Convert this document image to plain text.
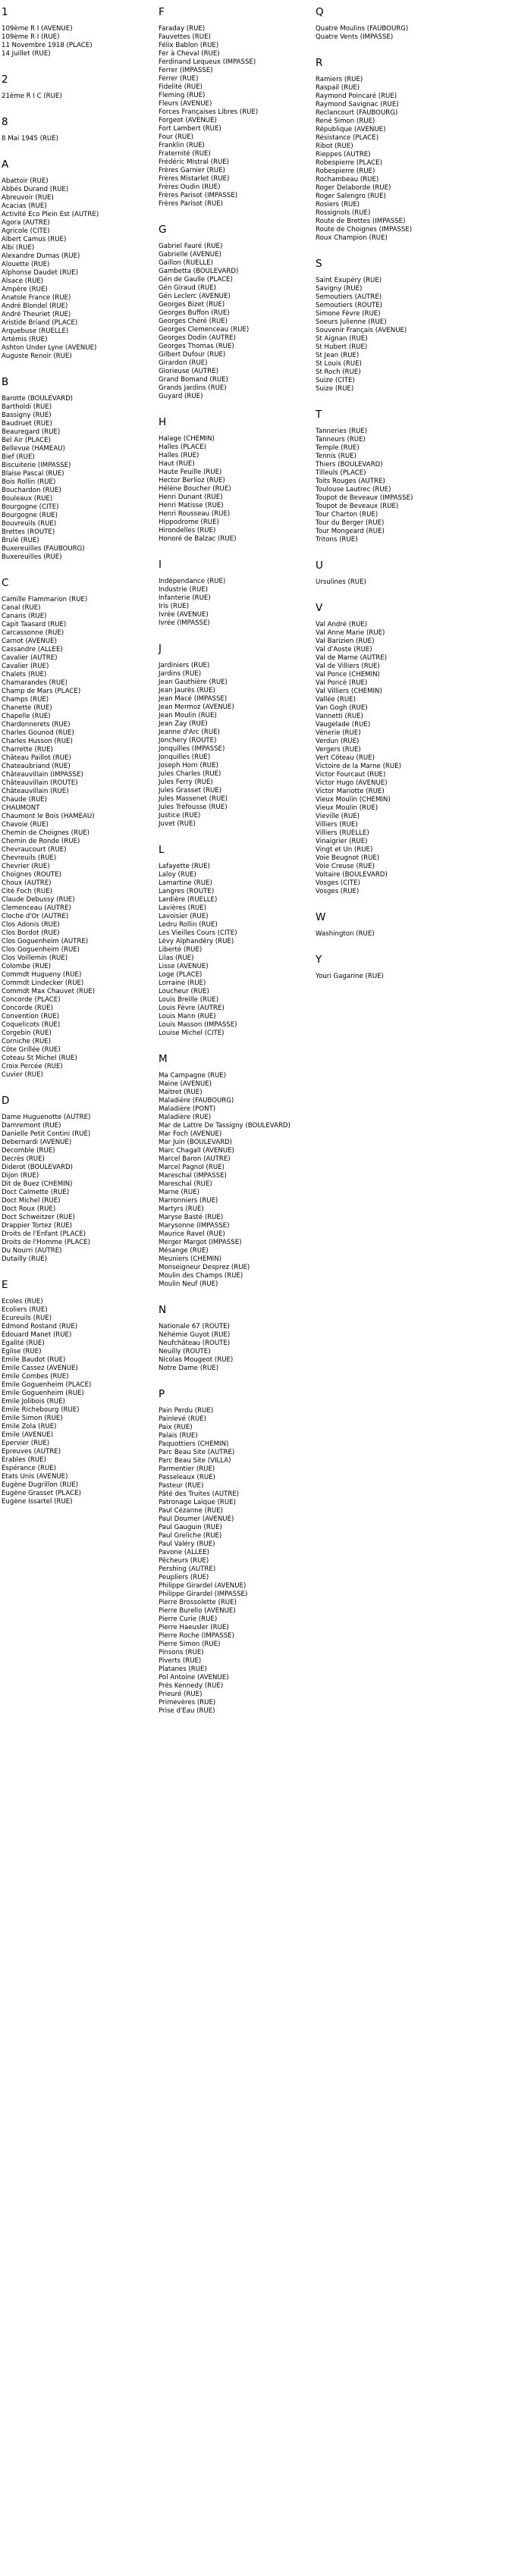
1
109ème R I (AVENUE)
109ème R I (RUE)
11 Novembre 1918 (PLACE)
14 Juillet (RUE)
2
21ème R I C (RUE)
8
8 Mai 1945 (RUE)
A
Abattoir (RUE)
Abbés Durand (RUE)
Abreuvoir (RUE)
Acacias (RUE)
Activité Eco Plein Est (AUTRE)
Agora (AUTRE)
Agricole (CITE)
Albert Camus (RUE)
Albi (RUE)
Alexandre Dumas (RUE)
Alouette (RUE)
Alphonse Daudet (RUE)
Alsace (RUE)
Ampère (RUE)
Anatole France (RUE)
André Blondel (RUE)
André Theuriet (RUE)
Aristide Briand (PLACE)
Arquebuse (RUELLE)
Artémis (RUE)
Ashton Under Lyne (AVENUE)
Auguste Renoir (RUE)
B
Barotte (BOULEVARD)
Bartholdi (RUE)
Bassigny (RUE)
Baudruet (RUE)
Beauregard (RUE)
Bel Air (PLACE)
Bellevue (HAMEAU)
Bief (RUE)
Biscuiterie (IMPASSE)
Blaise Pascal (RUE)
Bois Rollin (RUE)
Bouchardon (RUE)
Bouleaux (RUE)
Bourgogne (CITE)
Bourgogne (RUE)
Bouvreuils (RUE)
Brettes (ROUTE)
Brulé (RUE)
Buxereuilles (FAUBOURG)
Buxereuilles (RUE)
C
Camille Flammarion (RUE)
Canal (RUE)
Canaris (RUE)
Capit Taasard (RUE)
Carcassonne (RUE)
Carnot (AVENUE)
Cassandre (ALLEE)
Cavalier (AUTRE)
Cavalier (RUE)
Chalets (RUE)
Chamarandes (RUE)
Champ de Mars (PLACE)
Champs (RUE)
Chanette (RUE)
Chapelle (RUE)
Chardonnerets (RUE)
Charles Gounod (RUE)
Charles Husson (RUE)
Charrette (RUE)
Château Paillot (RUE)
Chateaubriand (RUE)
Châteauvillain (IMPASSE)
Châteauvillain (ROUTE)
Châteauvillain (RUE)
Chaude (RUE)
CHAUMONT
Chaumont le Bois (HAMEAU)
Chavoie (RUE)
Chemin de Choignes (RUE)
Chemin de Ronde (RUE)
Chevraucourt (RUE)
Chevreuils (RUE)
Chevrier (RUE)
Choignes (ROUTE)
Choux (AUTRE)
Cité Foch (RUE)
Claude Debussy (RUE)
Clemenceau (AUTRE)
Cloche d'Or (AUTRE)
Clos Adonis (RUE)
Clos Bordot (RUE)
Clos Goguenheim (AUTRE)
Clos Goguenheim (RUE)
Clos Voillemin (RUE)
Colombe (RUE)
Commdt Hugueny (RUE)
Commdt Lindecker (RUE)
Commdt Max Chauvet (RUE)
Concorde (PLACE)
Concorde (RUE)
Convention (RUE)
Coquelicots (RUE)
Corgebin (RUE)
Corniche (RUE)
Côte Grillée (RUE)
Coteau St Michel (RUE)
Croix Percée (RUE)
Cuvier (RUE)
D
Dame Huguenotte (AUTRE)
Damremont (RUE)
Danielle Petit Contini (RUE)
Debernardi (AVENUE)
Decomble (RUE)
Decrès (RUE)
Diderot (BOULEVARD)
Dijon (RUE)
Dit de Buez (CHEMIN)
Doct Calmette (RUE)
Doct Michel (RUE)
Doct Roux (RUE)
Doct Schweitzer (RUE)
Drappier Tortez (RUE)
Droits de l'Enfant (PLACE)
Droits de l'Homme (PLACE)
Du Nourri (AUTRE)
Dutailly (RUE)
E
Ecoles (RUE)
Ecoliers (RUE)
Ecureuils (RUE)
Edmond Rostand (RUE)
Edouard Manet (RUE)
Egalité (RUE)
Eglise (RUE)
Emile Baudot (RUE)
Emile Cassez (AVENUE)
Emile Combes (RUE)
Emile Goguenheim (PLACE)
Emile Goguenheim (RUE)
Emile Jolibois (RUE)
Emile Richebourg (RUE)
Emile Simon (RUE)
Emile Zola (RUE)
Emile (AVENUE)
Epervier (RUE)
Epreuves (AUTRE)
Erables (RUE)
Espérance (RUE)
Etats Unis (AVENUE)
Eugène Dugrillon (RUE)
Eugène Grasset (PLACE)
Eugène Issartel (RUE)
F
Faraday (RUE)
Fauvettes (RUE)
Félix Bablon (RUE)
Fer à Cheval (RUE)
Ferdinand Lequeux (IMPASSE)
Ferrer (IMPASSE)
Ferrer (RUE)
Fidelité (RUE)
Fleming (RUE)
Fleurs (AVENUE)
Forces Françaises Libres (RUE)
Forgeot (AVENUE)
Fort Lambert (RUE)
Four (RUE)
Franklin (RUE)
Fraternité (RUE)
Frédéric Mistral (RUE)
Frères Garnier (RUE)
Frères Mistarlet (RUE)
Frères Oudin (RUE)
Frères Parisot (IMPASSE)
Frères Parisot (RUE)
G
Gabriel Fauré (RUE)
Gabrielle (AVENUE)
Gaillon (RUELLE)
Gambetta (BOULEVARD)
Gén de Gaulle (PLACE)
Gén Giraud (RUE)
Gén Leclerc (AVENUE)
Georges Bizet (RUE)
Georges Buffon (RUE)
Georges Chéré (RUE)
Georges Clemenceau (RUE)
Georges Dodin (AUTRE)
Georges Thomas (RUE)
Gilbert Dufour (RUE)
Girardon (RUE)
Glorieuse (AUTRE)
Grand Bomand (RUE)
Grands Jardins (RUE)
Guyard (RUE)
H
Halage (CHEMIN)
Halles (PLACE)
Halles (RUE)
Haut (RUE)
Haute Feuille (RUE)
Hector Berlioz (RUE)
Hélène Boucher (RUE)
Henri Dunant (RUE)
Henri Matisse (RUE)
Henri Rousseau (RUE)
Hippodrome (RUE)
Hirondelles (RUE)
Honoré de Balzac (RUE)
I
Indépendance (RUE)
Industrie (RUE)
Infanterie (RUE)
Iris (RUE)
Ivrée (AVENUE)
Ivrée (IMPASSE)
J
Jardiniers (RUE)
Jardins (RUE)
Jean Gauthière (RUE)
Jean Jaurès (RUE)
Jean Macé (IMPASSE)
Jean Mermoz (AVENUE)
Jean Moulin (RUE)
Jean Zay (RUE)
Jeanne d'Arc (RUE)
Jonchery (ROUTE)
Jonquilles (IMPASSE)
Jonquilles (RUE)
Joseph Horn (RUE)
Jules Charles (RUE)
Jules Ferry (RUE)
Jules Grasset (RUE)
Jules Massenet (RUE)
Jules Tréfousse (RUE)
Justice (RUE)
Juvet (RUE)
L
Lafayette (RUE)
Laloy (RUE)
Lamartine (RUE)
Langres (ROUTE)
Lardière (RUELLE)
Lavières (RUE)
Lavoisier (RUE)
Ledru Rollin (RUE)
Les Vieilles Cours (CITE)
Lévy Alphandéry (RUE)
Liberté (RUE)
Lilas (RUE)
Lisse (AVENUE)
Loge (PLACE)
Lorraine (RUE)
Loucheur (RUE)
Louis Breille (RUE)
Louis Fèvre (AUTRE)
Louis Mann (RUE)
Louis Masson (IMPASSE)
Louise Michel (CITE)
M
Ma Campagne (RUE)
Maine (AVENUE)
Maitret (RUE)
Maladière (FAUBOURG)
Maladière (PONT)
Maladière (RUE)
Mar de Lattre De Tassigny (BOULEVARD)
Mar Foch (AVENUE)
Mar Juin (BOULEVARD)
Marc Chagall (AVENUE)
Marcel Baron (AUTRE)
Marcel Pagnol (RUE)
Mareschal (IMPASSE)
Mareschal (RUE)
Marne (RUE)
Marronniers (RUE)
Martyrs (RUE)
Maryse Basté (RUE)
Marysonne (IMPASSE)
Maurice Ravel (RUE)
Merger Margot (IMPASSE)
Mésange (RUE)
Meuniers (CHEMIN)
Monseigneur Desprez (RUE)
Moulin des Champs (RUE)
Moulin Neuf (RUE)
N
Nationale 67 (ROUTE)
Néhémie Guyot (RUE)
Neufchâteau (ROUTE)
Neuilly (ROUTE)
Nicolas Mougeot (RUE)
Notre Dame (RUE)
P
Pain Perdu (RUE)
Painlevé (RUE)
Paix (RUE)
Palais (RUE)
Paquottiers (CHEMIN)
Parc Beau Site (AUTRE)
Parc Beau Site (VILLA)
Parmentier (RUE)
Passeleaux (RUE)
Pasteur (RUE)
Pâté des Truites (AUTRE)
Patronage Laïque (RUE)
Paul Cézanne (RUE)
Paul Doumer (AVENUE)
Paul Gauguin (RUE)
Paul Greliche (RUE)
Paul Valéry (RUE)
Pavone (ALLEE)
Pêcheurs (RUE)
Pershing (AUTRE)
Peupliers (RUE)
Philippe Girardel (AVENUE)
Philippe Girardel (IMPASSE)
Pierre Brossolette (RUE)
Pierre Burello (AVENUE)
Pierre Curie (RUE)
Pierre Haeusler (RUE)
Pierre Roche (IMPASSE)
Pierre Simon (RUE)
Pinsons (RUE)
Piverts (RUE)
Platanes (RUE)
Pol Antoine (AVENUE)
Prés Kennedy (RUE)
Prieuré (RUE)
Primevères (RUE)
Prise d'Eau (RUE)
Q
Quatre Moulins (FAUBOURG)
Quatre Vents (IMPASSE)
R
Ramiers (RUE)
Raspail (RUE)
Raymond Poincaré (RUE)
Raymond Savignac (RUE)
Reclancourt (FAUBOURG)
René Simon (RUE)
République (AVENUE)
Résistance (PLACE)
Ribot (RUE)
Rieppes (AUTRE)
Robespierre (PLACE)
Robespierre (RUE)
Rochambeau (RUE)
Roger Delaborde (RUE)
Roger Salengro (RUE)
Rosiers (RUE)
Rossignols (RUE)
Route de Brettes (IMPASSE)
Route de Choignes (IMPASSE)
Roux Champion (RUE)
S
Saint Exupéry (RUE)
Savigny (RUE)
Semoutiers (AUTRE)
Semoutiers (ROUTE)
Simone Fèvre (RUE)
Soeurs Julienne (RUE)
Souvenir Français (AVENUE)
St Aignan (RUE)
St Hubert (RUE)
St Jean (RUE)
St Louis (RUE)
St Roch (RUE)
Suize (CITE)
Suize (RUE)
T
Tanneries (RUE)
Tanneurs (RUE)
Temple (RUE)
Tennis (RUE)
Thiers (BOULEVARD)
Tilleuls (PLACE)
Toits Rouges (AUTRE)
Toulouse Lautrec (RUE)
Toupot de Beveaux (IMPASSE)
Toupot de Beveaux (RUE)
Tour Charton (RUE)
Tour du Berger (RUE)
Tour Mongeard (RUE)
Tritons (RUE)
U
Ursulines (RUE)
V
Val André (RUE)
Val Anne Marie (RUE)
Val Barizien (RUE)
Val d'Aoste (RUE)
Val de Marne (AUTRE)
Val de Villiers (RUE)
Val Ponce (CHEMIN)
Val Poncé (RUE)
Val Villiers (CHEMIN)
Vallée (RUE)
Van Gogh (RUE)
Vannetti (RUE)
Vaugelade (RUE)
Vénerie (RUE)
Verdun (RUE)
Vergers (RUE)
Vert Côteau (RUE)
Victoire de la Marne (RUE)
Victor Fourcaut (RUE)
Victor Hugo (AVENUE)
Victor Mariotte (RUE)
Vieux Moulin (CHEMIN)
Vieux Moulin (RUE)
Vieville (RUE)
Villiers (RUE)
Villiers (RUELLE)
Vinaigrier (RUE)
Vingt et Un (RUE)
Voie Beugnot (RUE)
Voie Creuse (RUE)
Voltaire (BOULEVARD)
Vosges (CITE)
Vosges (RUE)
W
Washington (RUE)
Y
Youri Gagarine (RUE)
